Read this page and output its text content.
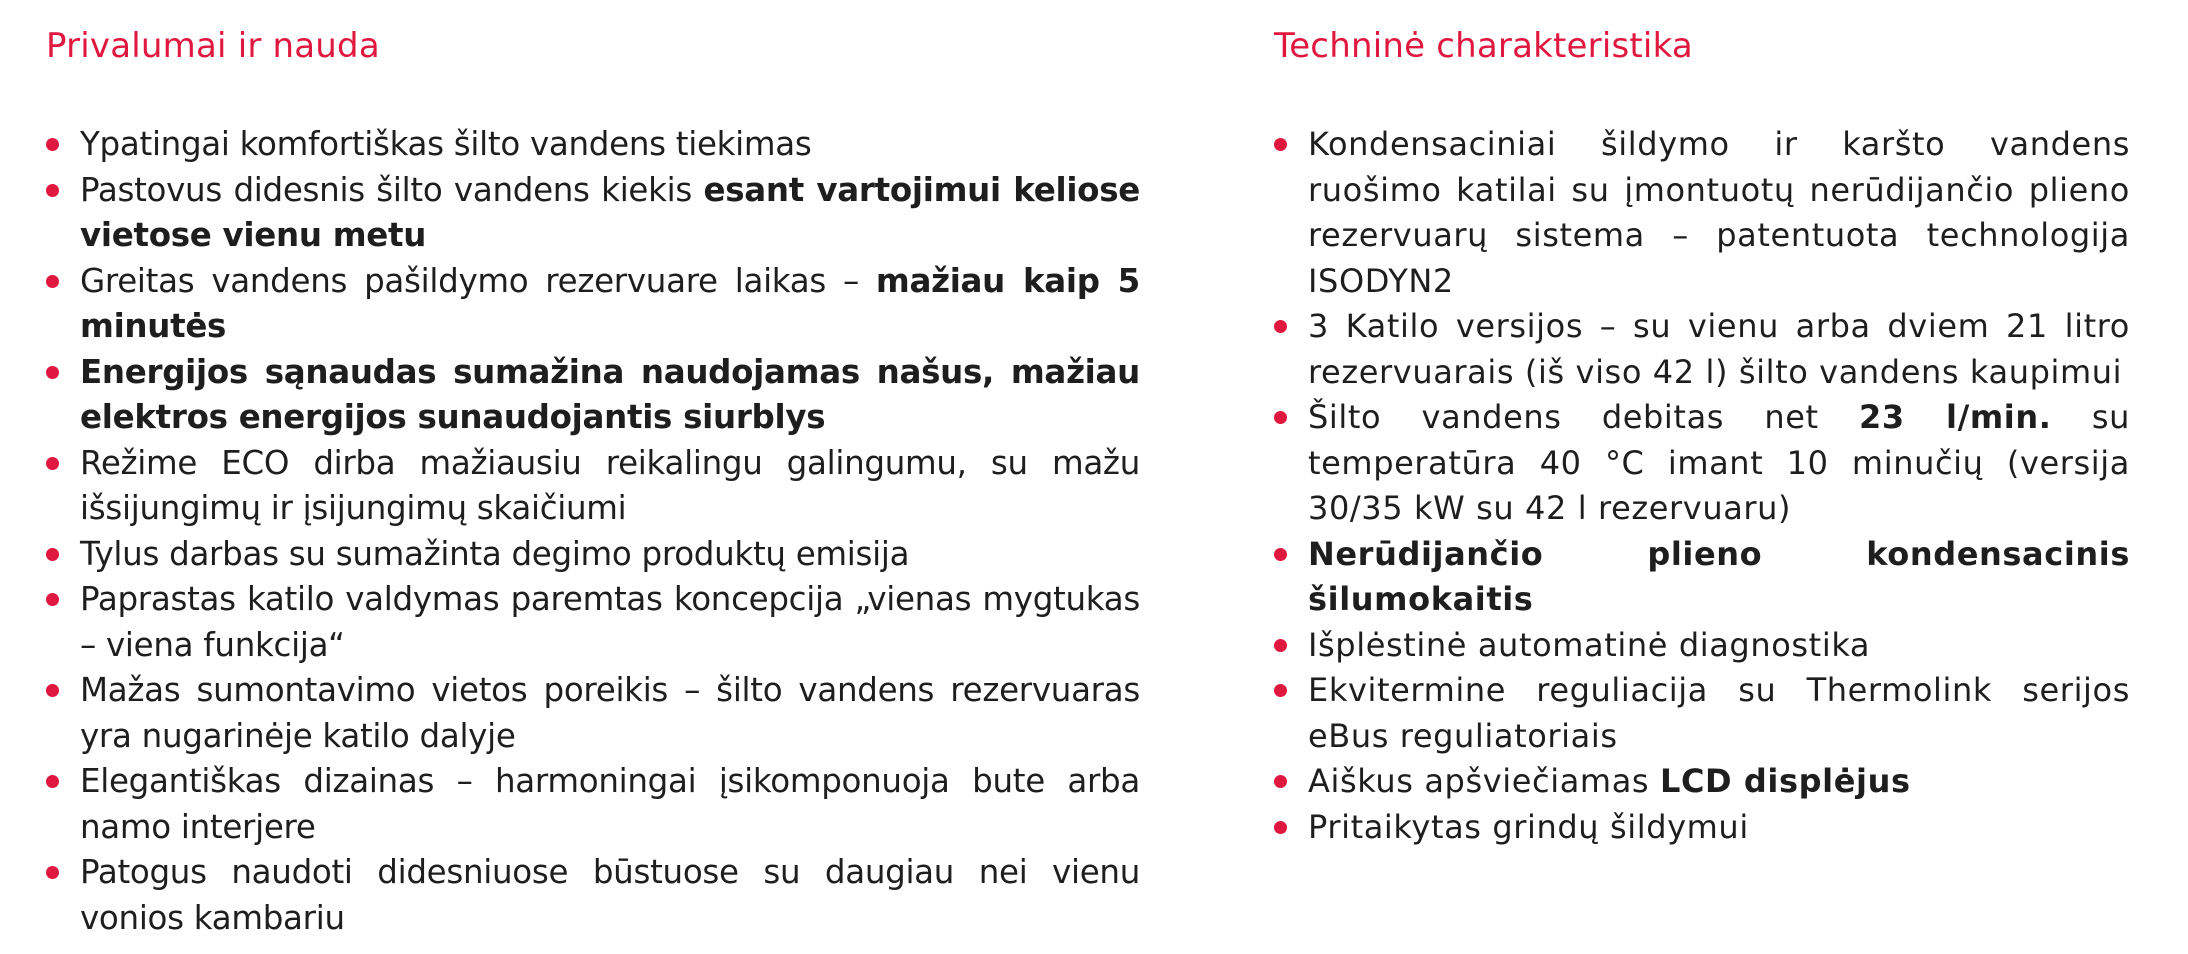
Privalumai ir nauda
Ypatingai komfortiškas šilto vandens tiekimas
Pastovus didesnis šilto vandens kiekis esant vartojimui keliose vietose vienu metu
Greitas vandens pašildymo rezervuare laikas – mažiau kaip 5 minutės
Energijos sąnaudas sumažina naudojamas našus, mažiau elektros energijos sunaudojantis siurblys
Režime ECO dirba mažiausiu reikalingu galingumu, su mažu išsijungimų ir įsijungimų skaičiumi
Tylus darbas su sumažinta degimo produktų emisija
Paprastas katilo valdymas paremtas koncepcija „vienas mygtukas – viena funkcija“
Mažas sumontavimo vietos poreikis – šilto vandens rezervuaras yra nugarinėje katilo dalyje
Elegantiškas dizainas – harmoningai įsikomponuoja bute arba namo interjere
Patogus naudoti didesniuose būstuose su daugiau nei vienu vonios kambariu
Techninė charakteristika
Kondensaciniai šildymo ir karšto vandens ruošimo katilai su įmontuotų nerūdijančio plieno rezervuarų sistema – patentuota technologija ISODYN2
3 Katilo versijos – su vienu arba dviem 21 litro rezervuarais (iš viso 42 l) šilto vandens kaupimui
Šilto vandens debitas net 23 l/min. su temperatūra 40 °C imant 10 minučių (versija 30/35 kW su 42 l rezervuaru)
Nerūdijančio plieno kondensacinis šilumokaitis
Išplėstinė automatinė diagnostika
Ekvitermine reguliacija su Thermolink serijos eBus reguliatoriais
Aiškus apšviečiamas LCD displėjus
Pritaikytas grindų šildymui
